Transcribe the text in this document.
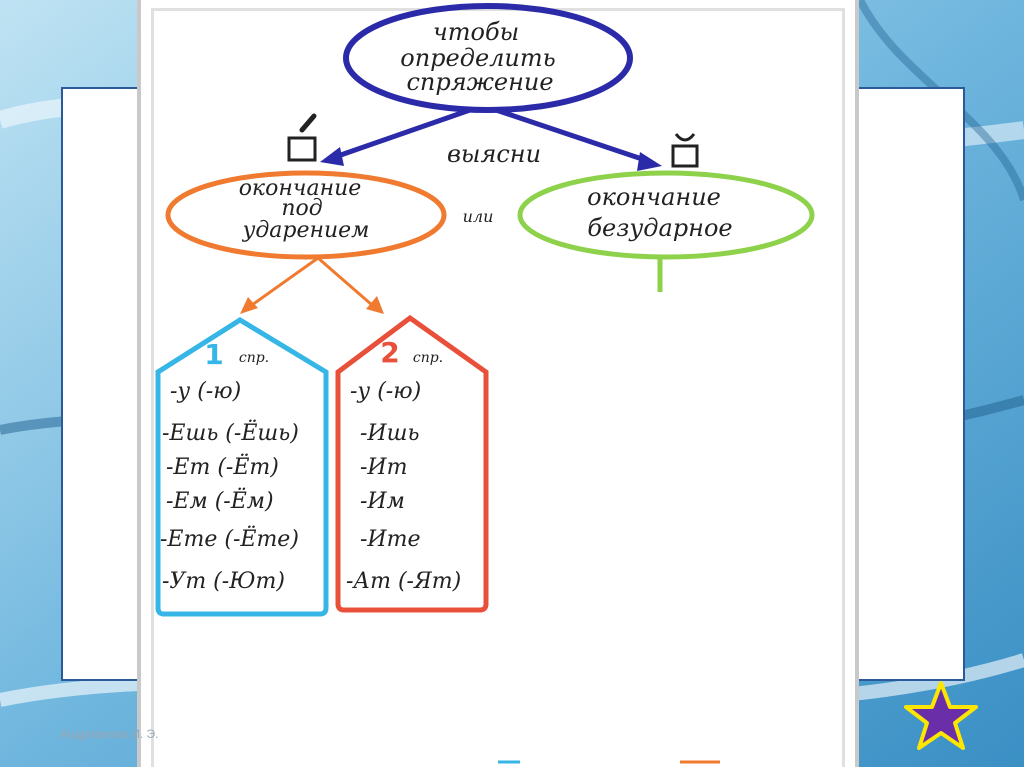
чтобы
определить
спряжение
выясни
окончание
под
ударением
или
окончание
безударное
1 спр.	2 спр.
-у (-ю)
-Ешь (-Ёшь)
-Ет (-Ёт)
-Ем (-Ём)
-Ете (-Ёте)
-Ут (-Ют)
-у (-ю)
-Ишь
-Ит
-Им
-Ите
-Ат (-Ят)
Андрианова И. Э.
